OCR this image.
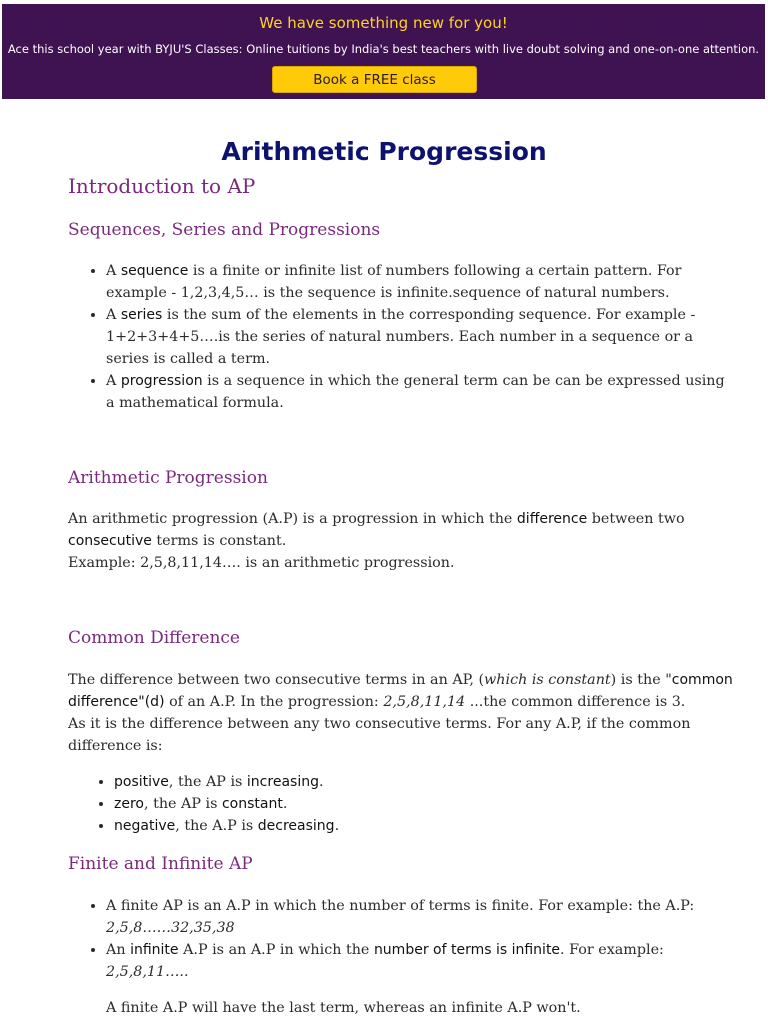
We have something new for you!
Ace this school year with BYJU'S Classes: Online tuitions by India's best teachers with live doubt solving and one-on-one attention.
Book a FREE class
Arithmetic Progression
Introduction to AP
Sequences, Series and Progressions
• A sequence is a finite or infinite list of numbers following a certain pattern. For example - 1,2,3,4,5… is the sequence is infinite.sequence of natural numbers.
• A series is the sum of the elements in the corresponding sequence. For example - 1+2+3+4+5….is the series of natural numbers. Each number in a sequence or a series is called a term.
• A progression is a sequence in which the general term can be can be expressed using a mathematical formula.
Arithmetic Progression

An arithmetic progression (A.P) is a progression in which the difference between two consecutive terms is constant.
Example: 2,5,8,11,14…. is an arithmetic progression.

Common Difference

The difference between two consecutive terms in an AP, (which is constant) is the "common difference"(d) of an A.P. In the progression: 2,5,8,11,14 ...the common difference is 3.
As it is the difference between any two consecutive terms. For any A.P, if the common difference is:

• positive, the AP is increasing.
• zero, the AP is constant.
• negative, the A.P is decreasing.
Finite and Infinite AP
• A finite AP is an A.P in which the number of terms is finite. For example: the A.P: 2,5,8……32,35,38
• An infinite A.P is an A.P in which the number of terms is infinite. For example: 2,5,8,11…..

A finite A.P will have the last term, whereas an infinite A.P won't.
